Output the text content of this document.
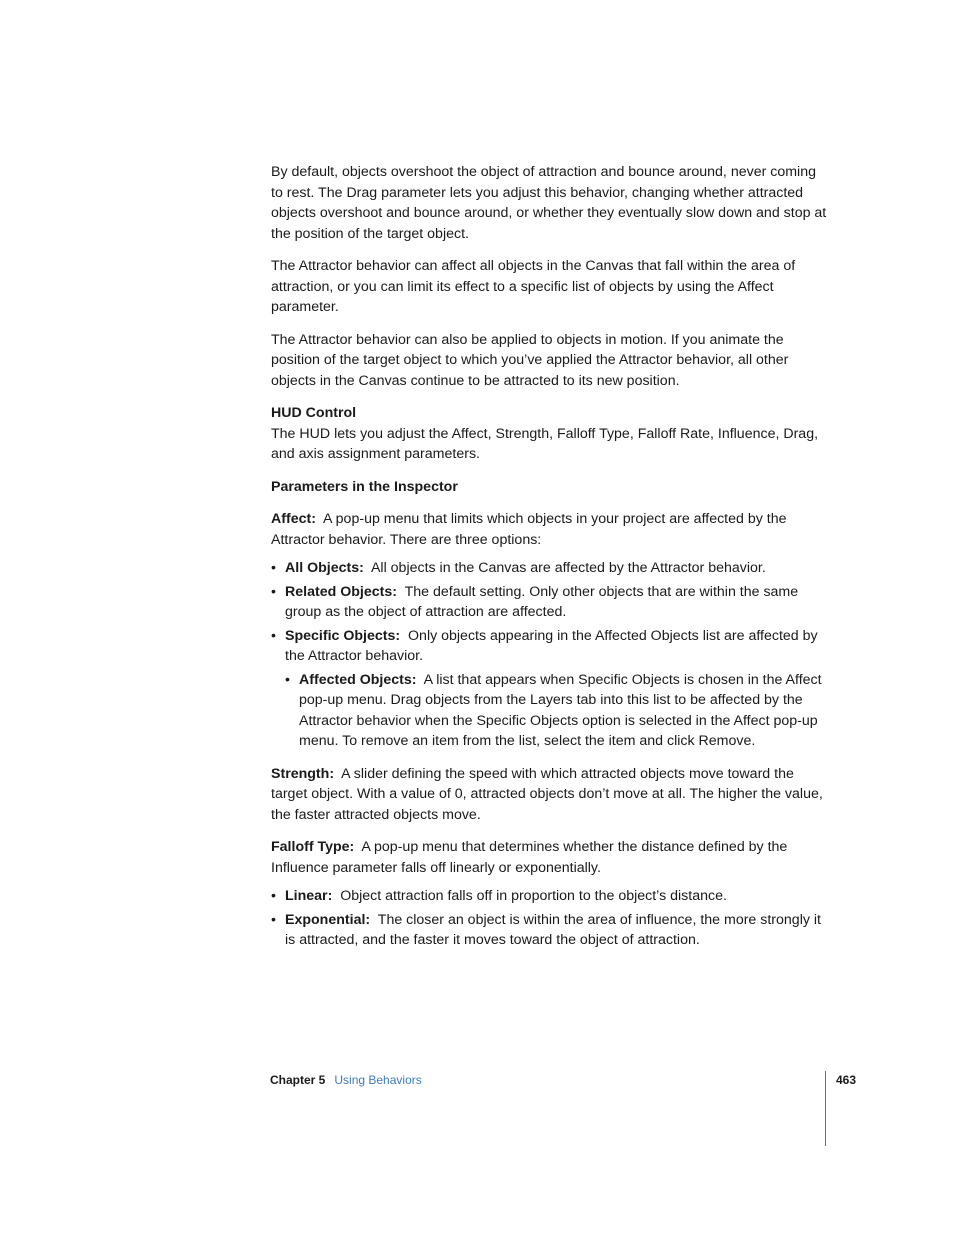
By default, objects overshoot the object of attraction and bounce around, never coming to rest. The Drag parameter lets you adjust this behavior, changing whether attracted objects overshoot and bounce around, or whether they eventually slow down and stop at the position of the target object.

The Attractor behavior can affect all objects in the Canvas that fall within the area of attraction, or you can limit its effect to a specific list of objects by using the Affect parameter.

The Attractor behavior can also be applied to objects in motion. If you animate the position of the target object to which you’ve applied the Attractor behavior, all other objects in the Canvas continue to be attracted to its new position.

HUD Control
The HUD lets you adjust the Affect, Strength, Falloff Type, Falloff Rate, Influence, Drag, and axis assignment parameters.

Parameters in the Inspector

Affect: A pop-up menu that limits which objects in your project are affected by the Attractor behavior. There are three options:

• All Objects: All objects in the Canvas are affected by the Attractor behavior.
• Related Objects: The default setting. Only other objects that are within the same group as the object of attraction are affected.
• Specific Objects: Only objects appearing in the Affected Objects list are affected by the Attractor behavior.
• Affected Objects: A list that appears when Specific Objects is chosen in the Affect pop-up menu. Drag objects from the Layers tab into this list to be affected by the Attractor behavior when the Specific Objects option is selected in the Affect pop-up menu. To remove an item from the list, select the item and click Remove.

Strength: A slider defining the speed with which attracted objects move toward the target object. With a value of 0, attracted objects don’t move at all. The higher the value, the faster attracted objects move.

Falloff Type: A pop-up menu that determines whether the distance defined by the Influence parameter falls off linearly or exponentially.

• Linear: Object attraction falls off in proportion to the object’s distance.
• Exponential: The closer an object is within the area of influence, the more strongly it is attracted, and the faster it moves toward the object of attraction.
Chapter 5 Using Behaviors	463
